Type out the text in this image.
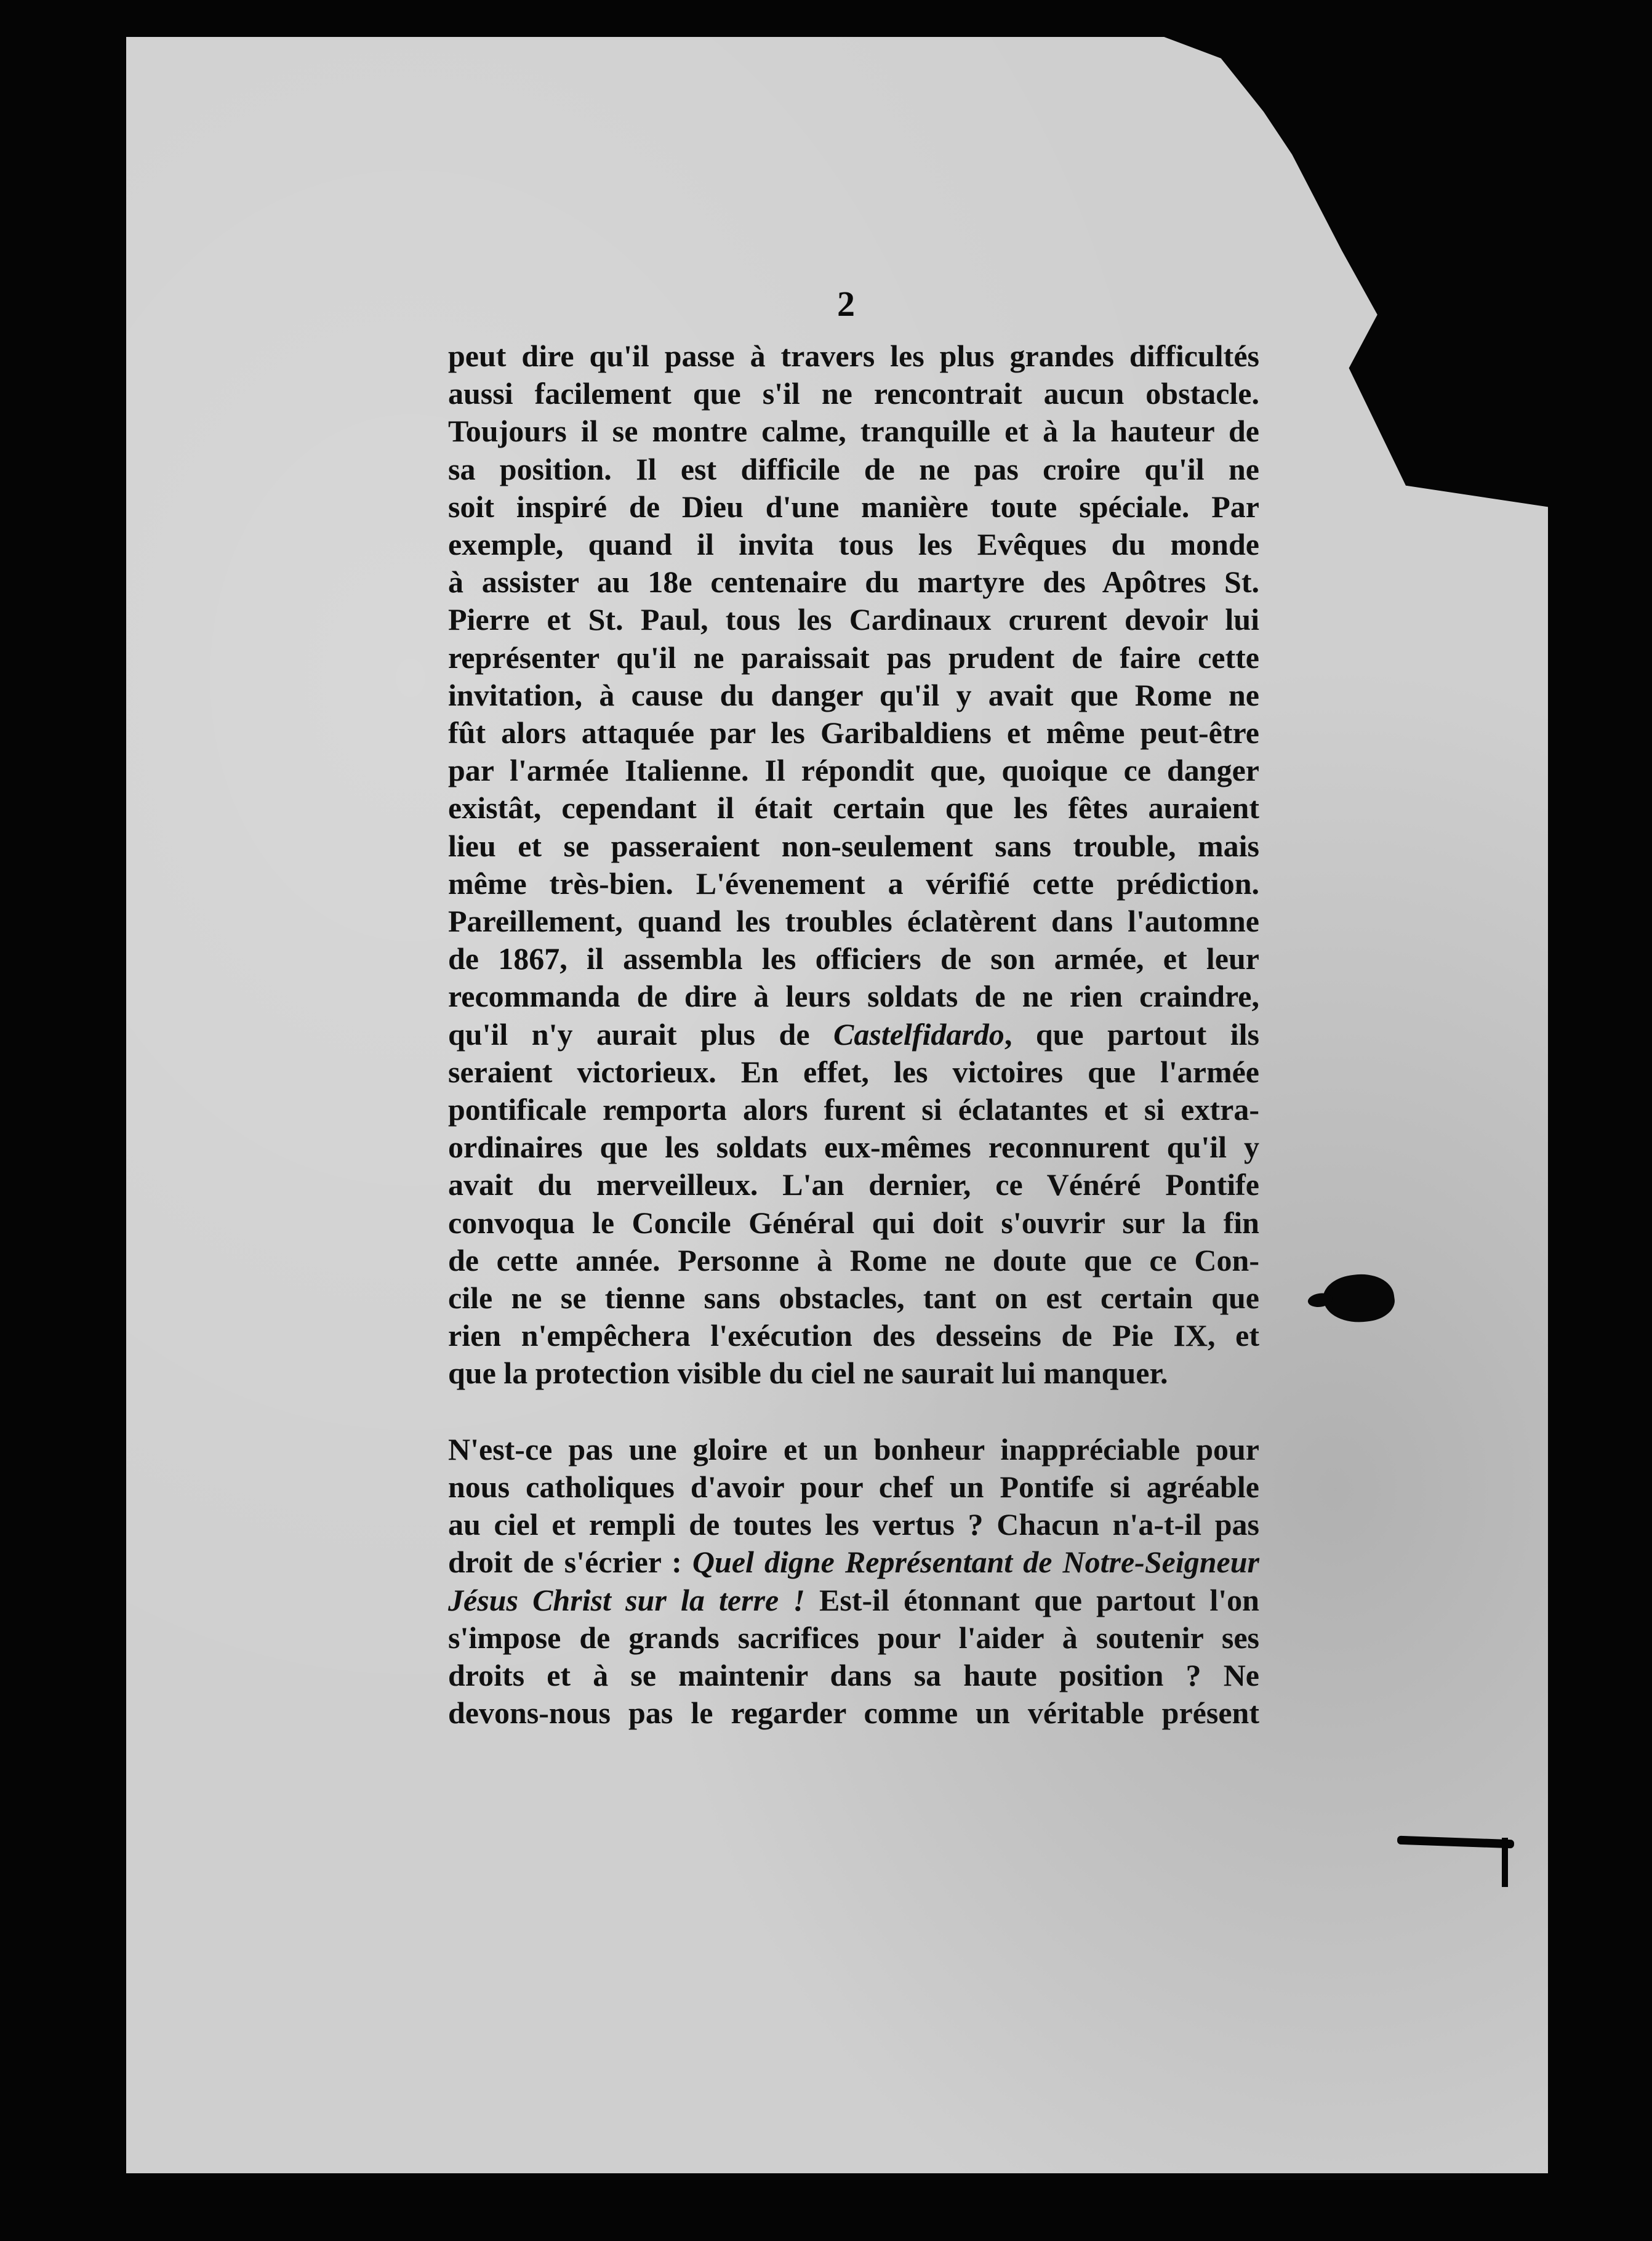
2
peut dire qu'il passe à travers les plus grandes difficultés
aussi facilement que s'il ne rencontrait aucun obstacle.
Toujours il se montre calme, tranquille et à la hauteur de
sa position. Il est difficile de ne pas croire qu'il ne
soit inspiré de Dieu d'une manière toute spéciale. Par
exemple, quand il invita tous les Evêques du monde
à assister au 18e centenaire du martyre des Apôtres St.
Pierre et St. Paul, tous les Cardinaux crurent devoir lui
représenter qu'il ne paraissait pas prudent de faire cette
invitation, à cause du danger qu'il y avait que Rome ne
fût alors attaquée par les Garibaldiens et même peut-être
par l'armée Italienne. Il répondit que, quoique ce danger
existât, cependant il était certain que les fêtes auraient
lieu et se passeraient non-seulement sans trouble, mais
même très-bien. L'évenement a vérifié cette prédiction.
Pareillement, quand les troubles éclatèrent dans l'automne
de 1867, il assembla les officiers de son armée, et leur
recommanda de dire à leurs soldats de ne rien craindre,
qu'il n'y aurait plus de Castelfidardo, que partout ils
seraient victorieux. En effet, les victoires que l'armée
pontificale remporta alors furent si éclatantes et si extra-
ordinaires que les soldats eux-mêmes reconnurent qu'il y
avait du merveilleux. L'an dernier, ce Vénéré Pontife
convoqua le Concile Général qui doit s'ouvrir sur la fin
de cette année. Personne à Rome ne doute que ce Con-
cile ne se tienne sans obstacles, tant on est certain que
rien n'empêchera l'exécution des desseins de Pie IX, et
que la protection visible du ciel ne saurait lui manquer.
N'est-ce pas une gloire et un bonheur inappréciable pour
nous catholiques d'avoir pour chef un Pontife si agréable
au ciel et rempli de toutes les vertus ? Chacun n'a-t-il pas
droit de s'écrier : Quel digne Représentant de Notre-Seigneur
Jésus Christ sur la terre ! Est-il étonnant que partout l'on
s'impose de grands sacrifices pour l'aider à soutenir ses
droits et à se maintenir dans sa haute position ? Ne
devons-nous pas le regarder comme un véritable présent
